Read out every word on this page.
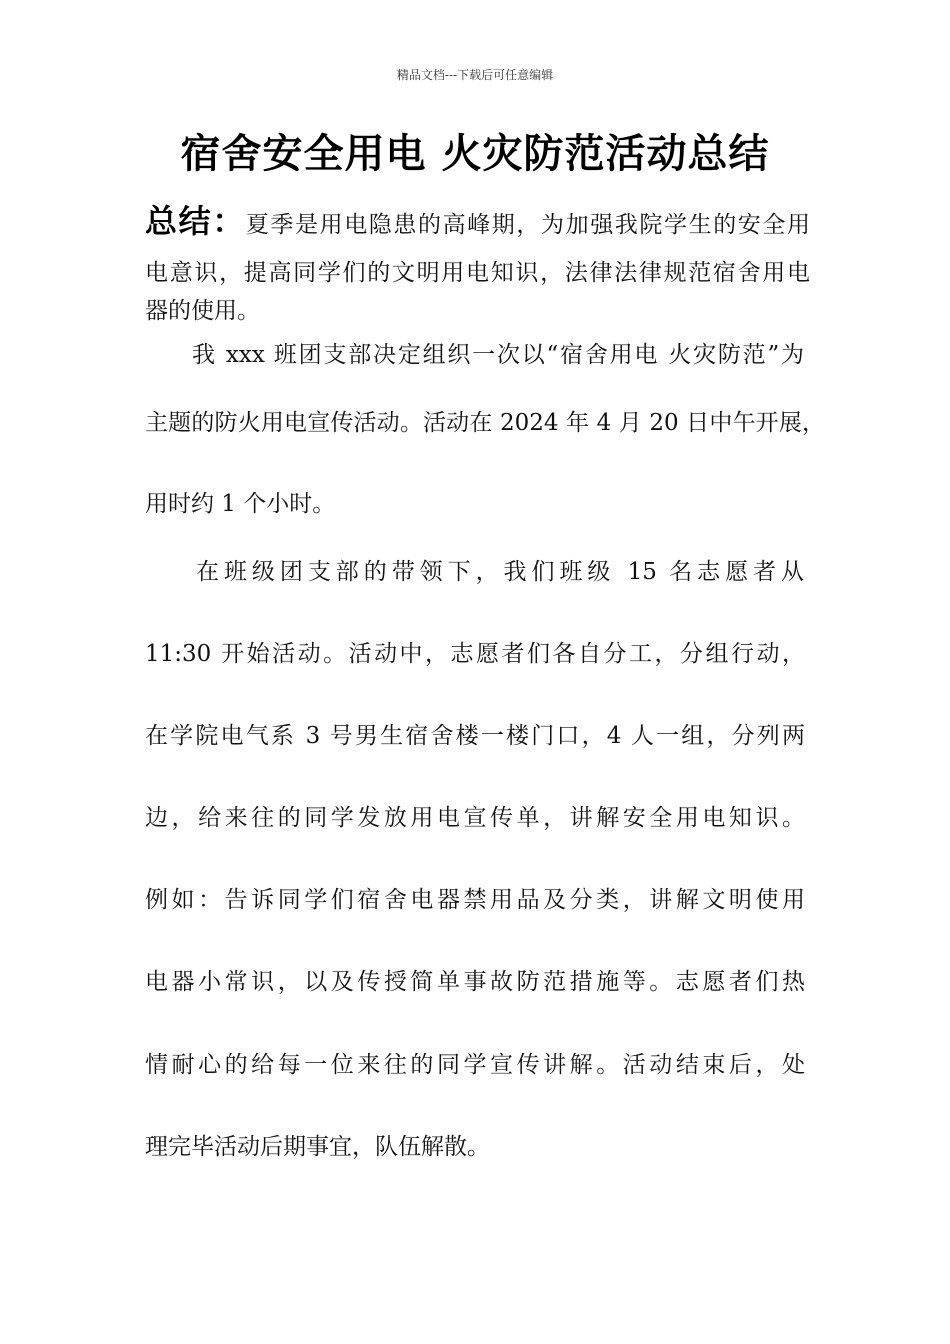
精品文档---下载后可任意编辑
宿舍安全用电 火灾防范活动总结

总结：夏季是用电隐患的高峰期，为加强我院学生的安全用

电意识，提高同学们的文明用电知识，法律法律规范宿舍用电

器的使用。

我 xxx 班团支部决定组织一次以“宿舍用电 火灾防范”为

主题的防火用电宣传活动。活动在 2024 年 4 月 20 日中午开展，

用时约 1 个小时。

在班级团支部的带领下，我们班级 15 名志愿者从

11:30 开始活动。活动中，志愿者们各自分工，分组行动，

在学院电气系 3 号男生宿舍楼一楼门口，4 人一组，分列两

边，给来往的同学发放用电宣传单，讲解安全用电知识。

例如：告诉同学们宿舍电器禁用品及分类，讲解文明使用

电器小常识，以及传授简单事故防范措施等。志愿者们热

情耐心的给每一位来往的同学宣传讲解。活动结束后，处

理完毕活动后期事宜，队伍解散。
